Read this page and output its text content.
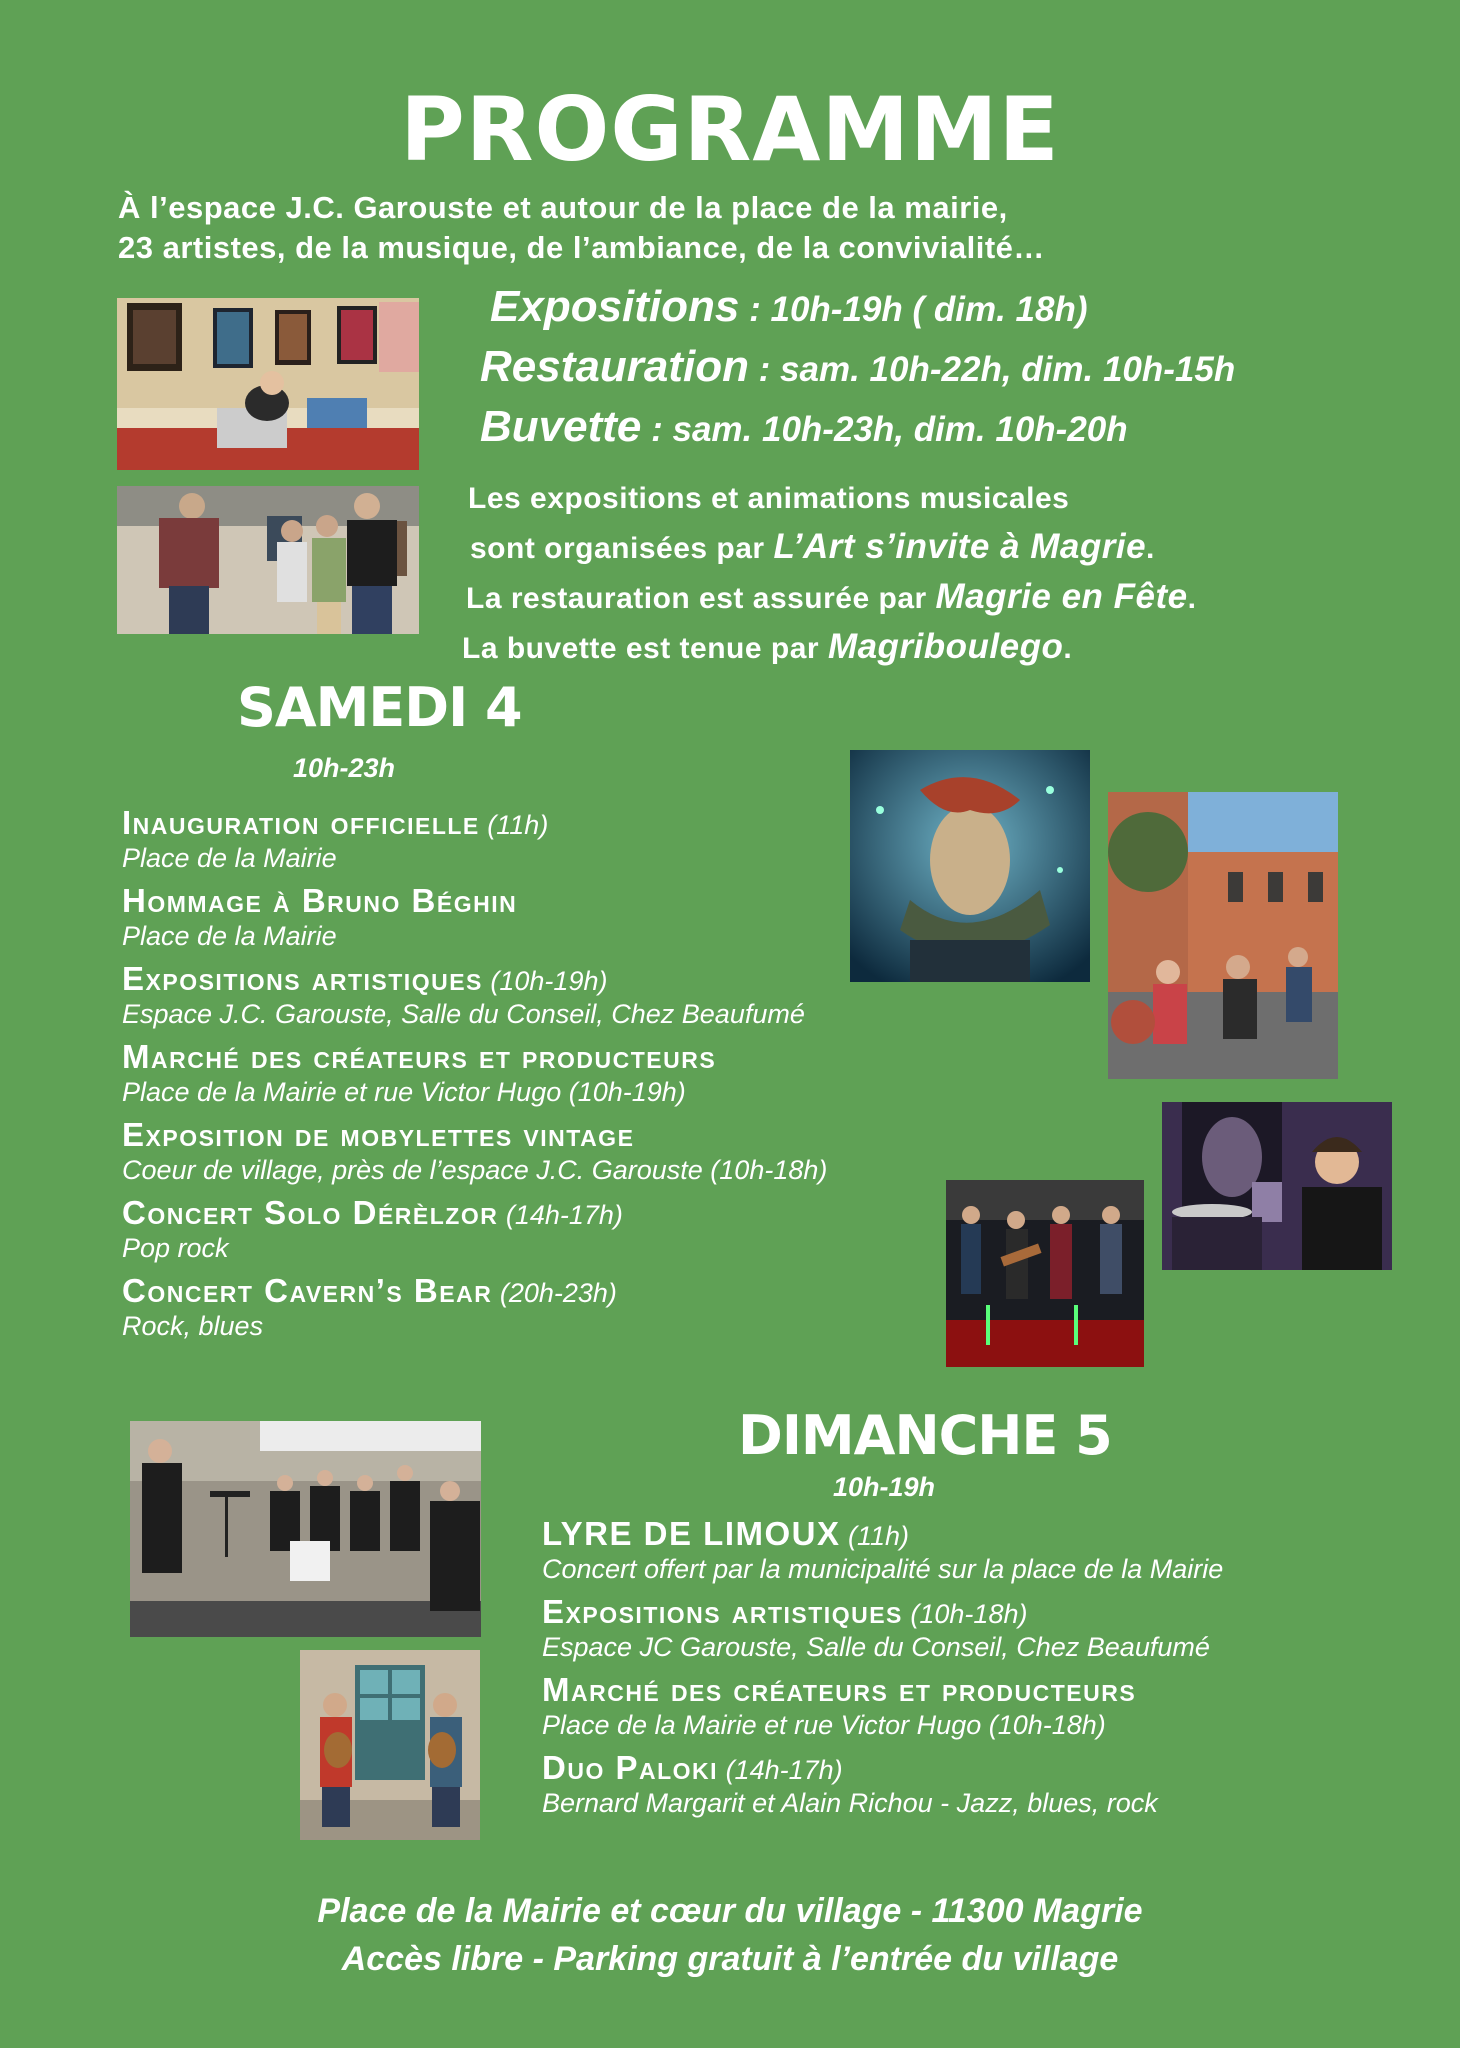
PROGRAMME
À l’espace J.C. Garouste et autour de la place de la mairie,
23 artistes, de la musique, de l’ambiance, de la convivialité…
Expositions : 10h-19h ( dim. 18h)
Restauration : sam. 10h-22h, dim. 10h-15h
Buvette : sam. 10h-23h, dim. 10h-20h
Les expositions et animations musicales
sont organisées par L’Art s’invite à Magrie.
La restauration est assurée par Magrie en Fête.
La buvette est tenue par Magriboulego.
SAMEDI 4
10h-23h
Inauguration officielle (11h)
Place de la Mairie
Hommage à Bruno Béghin
Place de la Mairie
Expositions artistiques (10h-19h)
Espace J.C. Garouste, Salle du Conseil, Chez Beaufumé
Marché des créateurs et producteurs
Place de la Mairie et rue Victor Hugo (10h-19h)
Exposition de mobylettes vintage
Coeur de village, près de l’espace J.C. Garouste (10h-18h)
Concert Solo Dérèlzor (14h-17h)
Pop rock
Concert Cavern’s Bear (20h-23h)
Rock, blues
DIMANCHE 5
10h-19h
LYRE DE LIMOUX (11h)
Concert offert par la municipalité sur la place de la Mairie
Expositions artistiques (10h-18h)
Espace JC Garouste, Salle du Conseil, Chez Beaufumé
Marché des créateurs et producteurs
Place de la Mairie et rue Victor Hugo (10h-18h)
Duo Paloki (14h-17h)
Bernard Margarit et Alain Richou - Jazz, blues, rock
Place de la Mairie et cœur du village - 11300 Magrie
Accès libre - Parking gratuit à l’entrée du village
